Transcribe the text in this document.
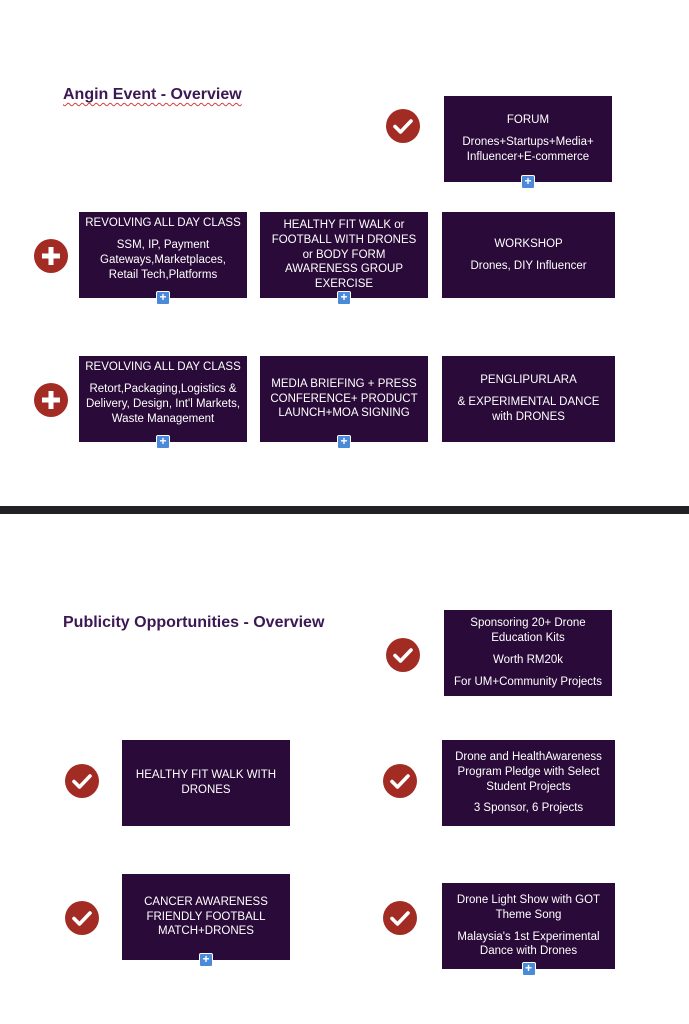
Angin Event - Overview
FORUM
Drones+Startups+Media+ Influencer+E-commerce
+
REVOLVING ALL DAY CLASS
SSM, IP, Payment Gateways,Marketplaces, Retail Tech,Platforms
+
HEALTHY FIT WALK or FOOTBALL WITH DRONES or BODY FORM AWARENESS GROUP EXERCISE
+
WORKSHOP
Drones, DIY Influencer
REVOLVING ALL DAY CLASS
Retort,Packaging,Logistics & Delivery, Design, Int'l Markets, Waste Management
+
MEDIA BRIEFING + PRESS CONFERENCE+ PRODUCT LAUNCH+MOA SIGNING
+
PENGLIPURLARA
& EXPERIMENTAL DANCE with DRONES
Publicity Opportunities - Overview	Sponsoring 20+ Drone Education Kits
Worth RM20k
For UM+Community Projects
HEALTHY FIT WALK WITH DRONES
Drone and HealthAwareness Program Pledge with Select Student Projects
3 Sponsor, 6 Projects
CANCER AWARENESS FRIENDLY FOOTBALL MATCH+DRONES
+
Drone Light Show with GOT Theme Song
Malaysia's 1st Experimental Dance with Drones
+
